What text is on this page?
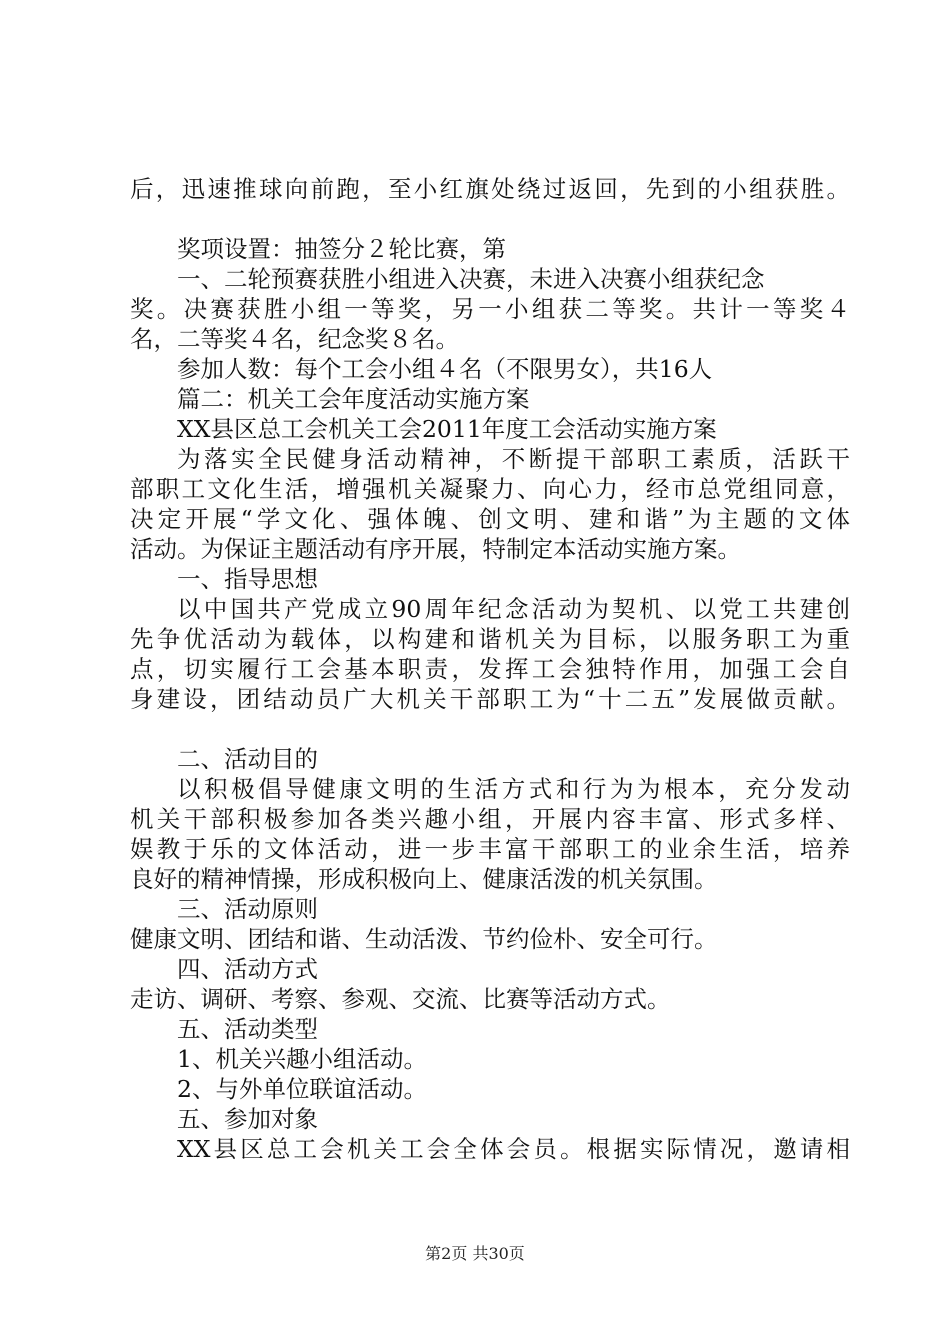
后，迅速推球向前跑，至小红旗处绕过返回，先到的小组获胜。
奖项设置：抽签分２轮比赛，第
一、二轮预赛获胜小组进入决赛，未进入决赛小组获纪念
奖。决赛获胜小组一等奖，另一小组获二等奖。共计一等奖４
名，二等奖４名，纪念奖８名。
参加人数：每个工会小组４名（不限男女），共16人
篇二：机关工会年度活动实施方案
XX县区总工会机关工会2011年度工会活动实施方案
为落实全民健身活动精神，不断提干部职工素质，活跃干
部职工文化生活，增强机关凝聚力、向心力，经市总党组同意，
决定开展“学文化、强体魄、创文明、建和谐”为主题的文体
活动。为保证主题活动有序开展，特制定本活动实施方案。
一、指导思想
以中国共产党成立90周年纪念活动为契机、以党工共建创
先争优活动为载体，以构建和谐机关为目标，以服务职工为重
点，切实履行工会基本职责，发挥工会独特作用，加强工会自
身建设，团结动员广大机关干部职工为“十二五”发展做贡献。
二、活动目的
以积极倡导健康文明的生活方式和行为为根本，充分发动
机关干部积极参加各类兴趣小组，开展内容丰富、形式多样、
娱教于乐的文体活动，进一步丰富干部职工的业余生活，培养
良好的精神情操，形成积极向上、健康活泼的机关氛围。
三、活动原则
健康文明、团结和谐、生动活泼、节约俭朴、安全可行。
四、活动方式
走访、调研、考察、参观、交流、比赛等活动方式。
五、活动类型
1、机关兴趣小组活动。
2、与外单位联谊活动。
五、参加对象
XX县区总工会机关工会全体会员。根据实际情况，邀请相
第2页 共30页
